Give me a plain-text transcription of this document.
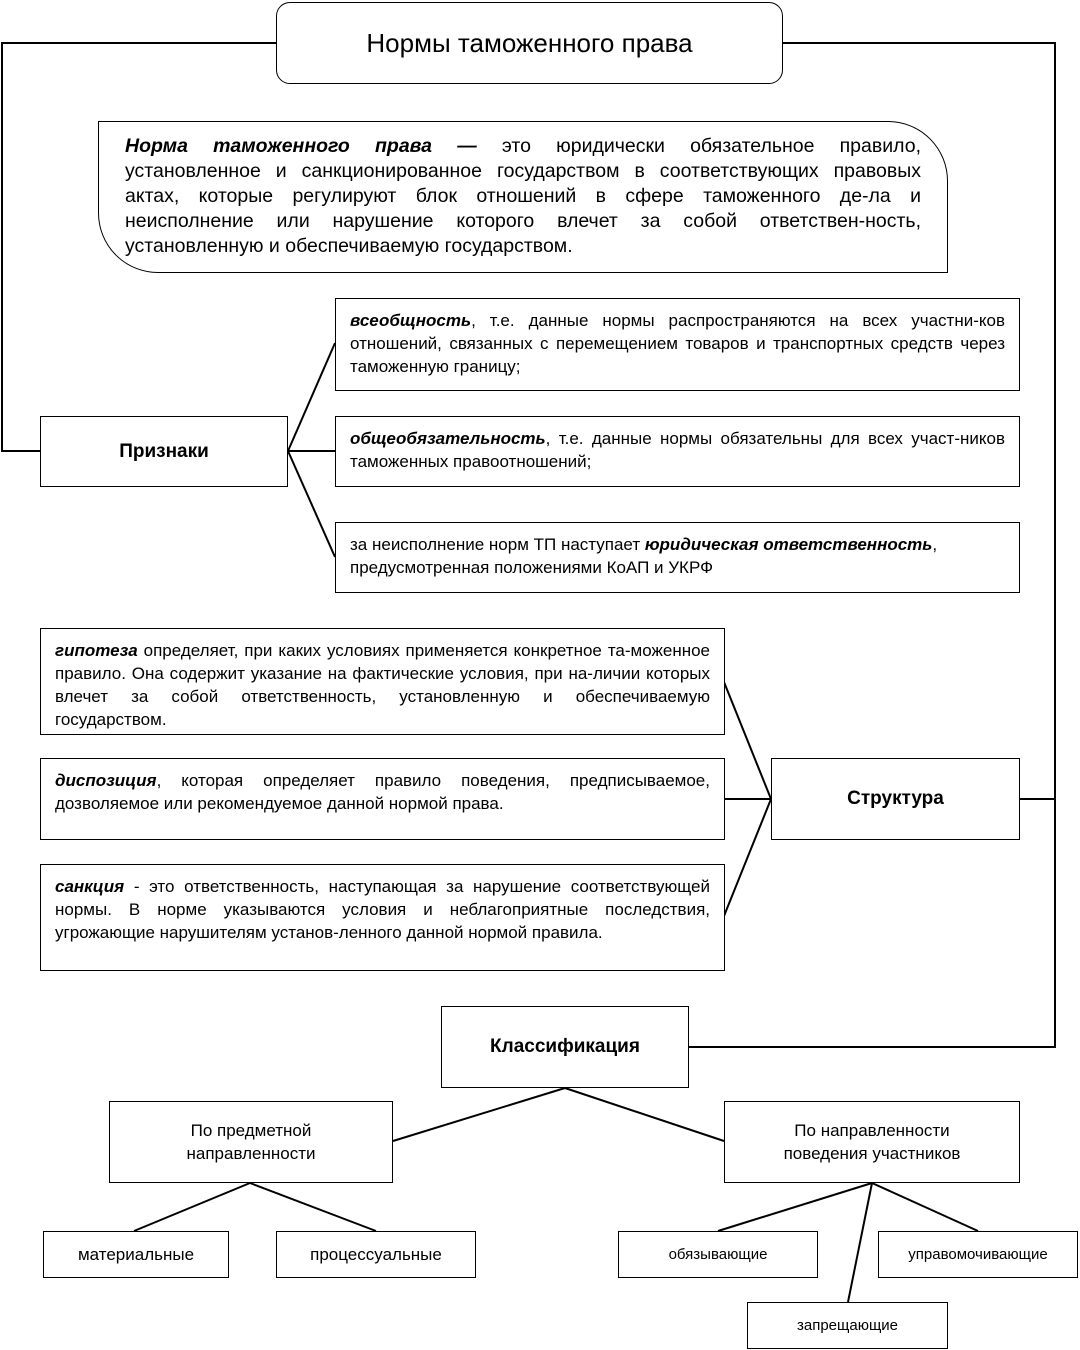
Нормы таможенного права
Норма таможенного права — это юридически обязательное правило, установленное и санкционированное государством в соответствующих правовых актах, которые регулируют блок отношений в сфере таможенного де-ла и неисполнение или нарушение которого влечет за собой ответствен-ность, установленную и обеспечиваемую государством.
Признаки
всеобщность, т.е. данные нормы распространяются на всех участни-ков отношений, связанных с перемещением товаров и транспортных средств через таможенную границу;
общеобязательность, т.е. данные нормы обязательны для всех участ-ников таможенных правоотношений;
за неисполнение норм ТП наступает юридическая ответственность, предусмотренная положениями КоАП и УКРФ
Структура
гипотеза определяет, при каких условиях применяется конкретное та-моженное правило. Она содержит указание на фактические условия, при на-личии которых влечет за собой ответственность, установленную и обеспечиваемую государством.
диспозиция, которая определяет правило поведения, предписываемое, дозволяемое или рекомендуемое данной нормой права.
санкция - это ответственность, наступающая за нарушение соответствующей нормы. В норме указываются условия и неблагоприятные последствия, угрожающие нарушителям установ-ленного данной нормой правила.
Классификация
По предметной направленности
По направленности поведения участников
материальные	процессуальные	обязывающие	управомочивающие
запрещающие
